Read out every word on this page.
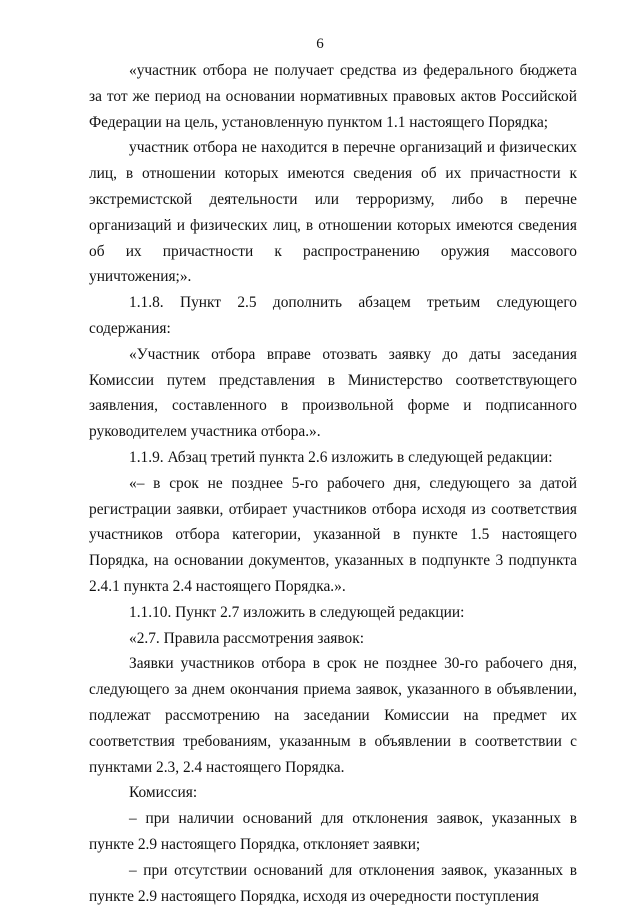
6

«участник отбора не получает средства из федерального бюджета за тот же период на основании нормативных правовых актов Российской Федерации на цель, установленную пунктом 1.1 настоящего Порядка;

участник отбора не находится в перечне организаций и физических лиц, в отношении которых имеются сведения об их причастности к экстремистской деятельности или терроризму, либо в перечне организаций и физических лиц, в отношении которых имеются сведения об их причастности к распространению оружия массового уничтожения;».

1.1.8. Пункт 2.5 дополнить абзацем третьим следующего содержания:

«Участник отбора вправе отозвать заявку до даты заседания Комиссии путем представления в Министерство соответствующего заявления, составленного в произвольной форме и подписанного руководителем участника отбора.».

1.1.9. Абзац третий пункта 2.6 изложить в следующей редакции:

«– в срок не позднее 5-го рабочего дня, следующего за датой регистрации заявки, отбирает участников отбора исходя из соответствия участников отбора категории, указанной в пункте 1.5 настоящего Порядка, на основании документов, указанных в подпункте 3 подпункта 2.4.1 пункта 2.4 настоящего Порядка.».

1.1.10. Пункт 2.7 изложить в следующей редакции:

«2.7. Правила рассмотрения заявок:

Заявки участников отбора в срок не позднее 30-го рабочего дня, следующего за днем окончания приема заявок, указанного в объявлении, подлежат рассмотрению на заседании Комиссии на предмет их соответствия требованиям, указанным в объявлении в соответствии с пунктами 2.3, 2.4 настоящего Порядка.

Комиссия:

– при наличии оснований для отклонения заявок, указанных в пункте 2.9 настоящего Порядка, отклоняет заявки;

– при отсутствии оснований для отклонения заявок, указанных в пункте 2.9 настоящего Порядка, исходя из очередности поступления
